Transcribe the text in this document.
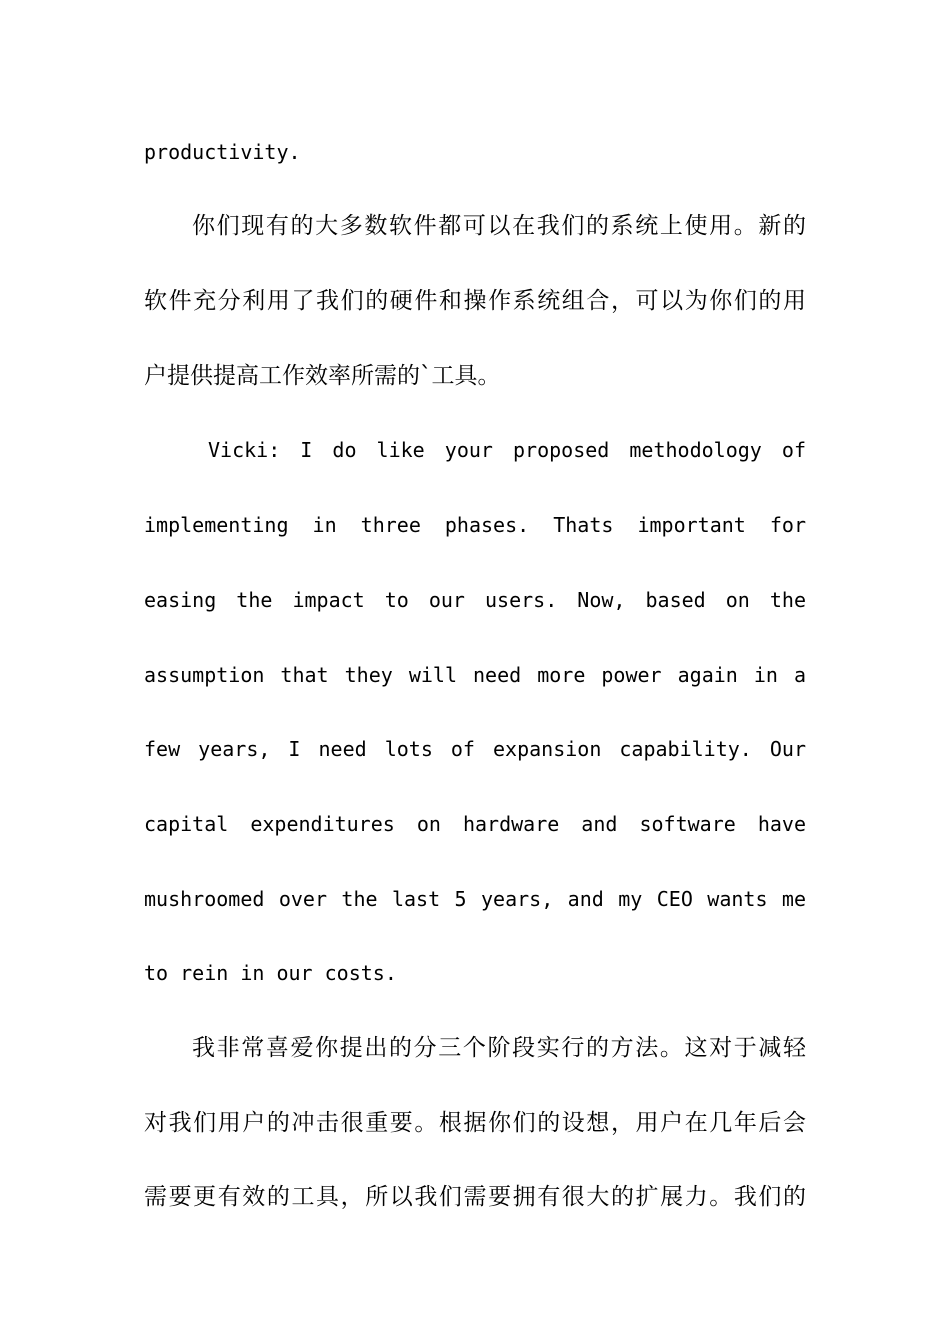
productivity.
你们现有的大多数软件都可以在我们的系统上使用。新的
软件充分利用了我们的硬件和操作系统组合，可以为你们的用
户提供提高工作效率所需的`工具。
Vicki: I do like your proposed methodology of
implementing in three phases. Thats important for
easing the impact to our users. Now, based on the
assumption that they will need more power again in a
few years, I need lots of expansion capability. Our
capital expenditures on hardware and software have
mushroomed over the last 5 years, and my CEO wants me
to rein in our costs.
我非常喜爱你提出的分三个阶段实行的方法。这对于减轻
对我们用户的冲击很重要。根据你们的设想，用户在几年后会
需要更有效的工具，所以我们需要拥有很大的扩展力。我们的
